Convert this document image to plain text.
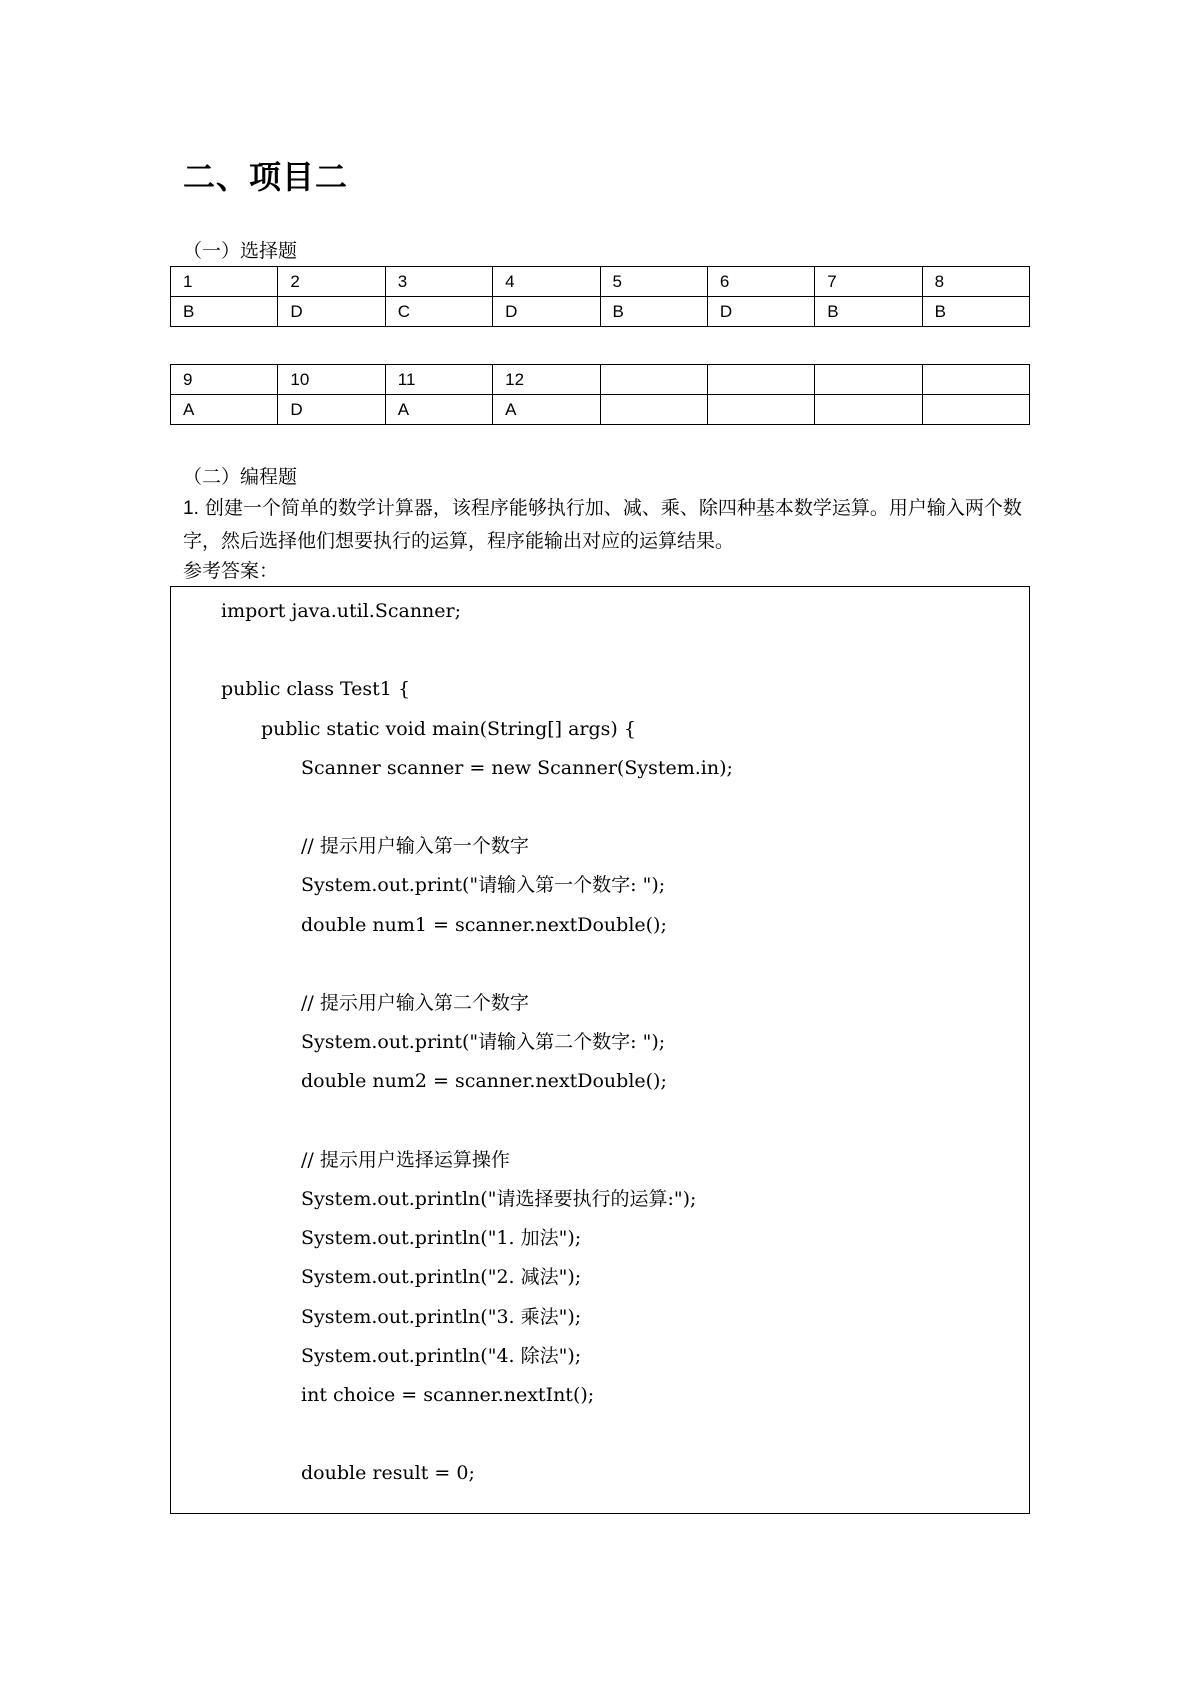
二、项目二
（一）选择题
1	2	3	4	5	6	7	8
B	D	C	D	B	D	B	B
9	10	11	12				
A	D	A	A				
（二）编程题
1. 创建一个简单的数学计算器，该程序能够执行加、减、乘、除四种基本数学运算。用户输入两个数字，然后选择他们想要执行的运算，程序能输出对应的运算结果。
参考答案：
import java.util.Scanner;
public class Test1 {
public static void main(String[] args) {
Scanner scanner = new Scanner(System.in);
// 提示用户输入第一个数字
System.out.print("请输入第一个数字: ");
double num1 = scanner.nextDouble();
// 提示用户输入第二个数字
System.out.print("请输入第二个数字: ");
double num2 = scanner.nextDouble();
// 提示用户选择运算操作
System.out.println("请选择要执行的运算:");
System.out.println("1. 加法");
System.out.println("2. 减法");
System.out.println("3. 乘法");
System.out.println("4. 除法");
int choice = scanner.nextInt();
double result = 0;
